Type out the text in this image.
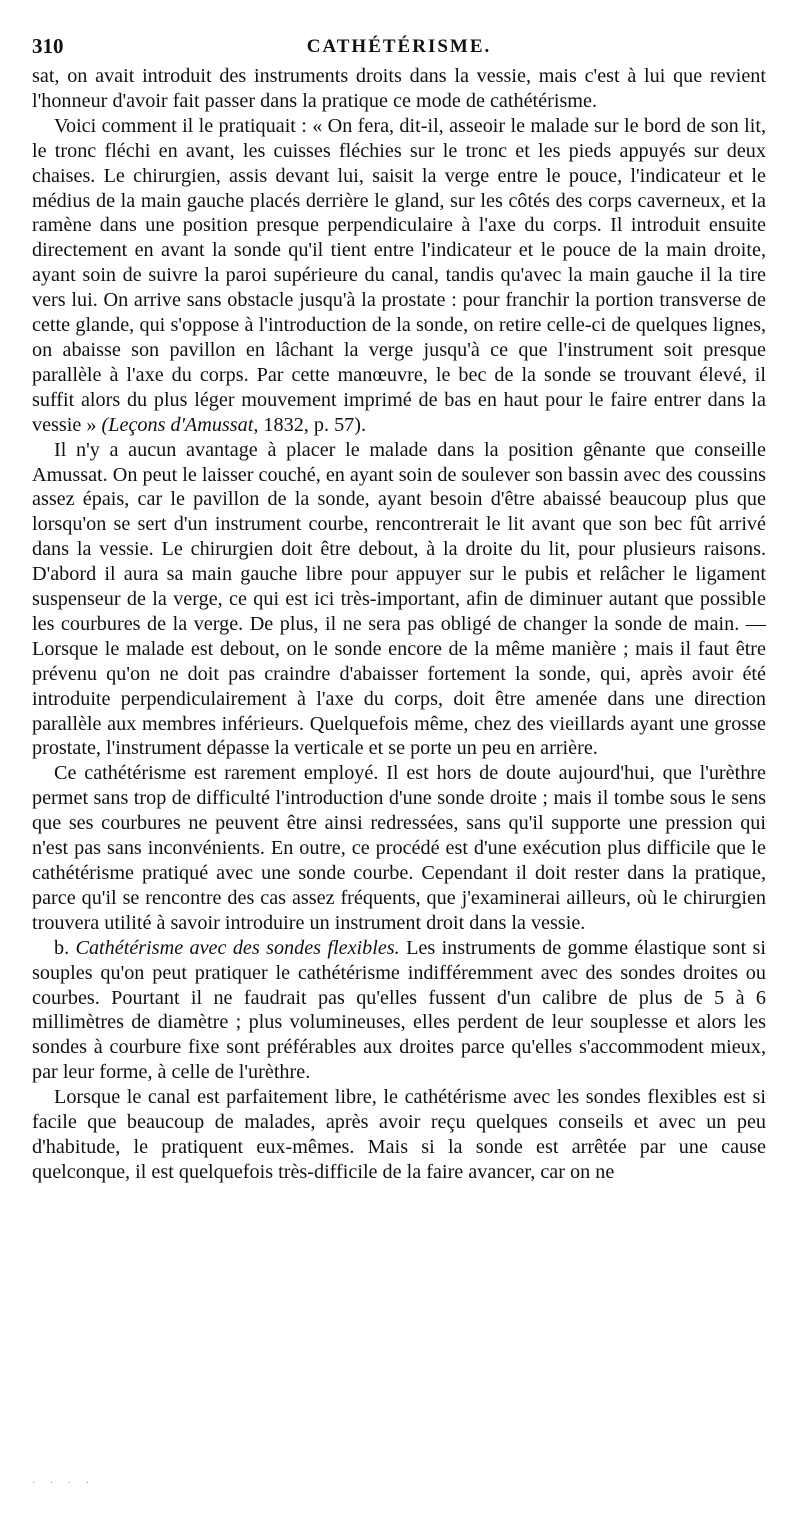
310	CATHÉTÉRISME.

sat, on avait introduit des instruments droits dans la vessie, mais c'est à lui que revient l'honneur d'avoir fait passer dans la pratique ce mode de cathétérisme.

Voici comment il le pratiquait : « On fera, dit-il, asseoir le malade sur le bord de son lit, le tronc fléchi en avant, les cuisses fléchies sur le tronc et les pieds appuyés sur deux chaises. Le chirurgien, assis devant lui, saisit la verge entre le pouce, l'indicateur et le médius de la main gauche placés derrière le gland, sur les côtés des corps caverneux, et la ramène dans une position presque perpendiculaire à l'axe du corps. Il introduit ensuite directement en avant la sonde qu'il tient entre l'indicateur et le pouce de la main droite, ayant soin de suivre la paroi supérieure du canal, tandis qu'avec la main gauche il la tire vers lui. On arrive sans obstacle jusqu'à la prostate : pour franchir la portion transverse de cette glande, qui s'oppose à l'introduction de la sonde, on retire celle-ci de quelques lignes, on abaisse son pavillon en lâchant la verge jusqu'à ce que l'instrument soit presque parallèle à l'axe du corps. Par cette manœuvre, le bec de la sonde se trouvant élevé, il suffit alors du plus léger mouvement imprimé de bas en haut pour le faire entrer dans la vessie » (Leçons d'Amussat, 1832, p. 57).

Il n'y a aucun avantage à placer le malade dans la position gênante que conseille Amussat. On peut le laisser couché, en ayant soin de soulever son bassin avec des coussins assez épais, car le pavillon de la sonde, ayant besoin d'être abaissé beaucoup plus que lorsqu'on se sert d'un instrument courbe, rencontrerait le lit avant que son bec fût arrivé dans la vessie. Le chirurgien doit être debout, à la droite du lit, pour plusieurs raisons. D'abord il aura sa main gauche libre pour appuyer sur le pubis et relâcher le ligament suspenseur de la verge, ce qui est ici très-important, afin de diminuer autant que possible les courbures de la verge. De plus, il ne sera pas obligé de changer la sonde de main. — Lorsque le malade est debout, on le sonde encore de la même manière ; mais il faut être prévenu qu'on ne doit pas craindre d'abaisser fortement la sonde, qui, après avoir été introduite perpendiculairement à l'axe du corps, doit être amenée dans une direction parallèle aux membres inférieurs. Quelquefois même, chez des vieillards ayant une grosse prostate, l'instrument dépasse la verticale et se porte un peu en arrière.

Ce cathétérisme est rarement employé. Il est hors de doute aujourd'hui, que l'urèthre permet sans trop de difficulté l'introduction d'une sonde droite ; mais il tombe sous le sens que ses courbures ne peuvent être ainsi redressées, sans qu'il supporte une pression qui n'est pas sans inconvénients. En outre, ce procédé est d'une exécution plus difficile que le cathétérisme pratiqué avec une sonde courbe. Cependant il doit rester dans la pratique, parce qu'il se rencontre des cas assez fréquents, que j'examinerai ailleurs, où le chirurgien trouvera utilité à savoir introduire un instrument droit dans la vessie.

b. Cathétérisme avec des sondes flexibles. Les instruments de gomme élastique sont si souples qu'on peut pratiquer le cathétérisme indifféremment avec des sondes droites ou courbes. Pourtant il ne faudrait pas qu'elles fussent d'un calibre de plus de 5 à 6 millimètres de diamètre ; plus volumineuses, elles perdent de leur souplesse et alors les sondes à courbure fixe sont préférables aux droites parce qu'elles s'accommodent mieux, par leur forme, à celle de l'urèthre.

Lorsque le canal est parfaitement libre, le cathétérisme avec les sondes flexibles est si facile que beaucoup de malades, après avoir reçu quelques conseils et avec un peu d'habitude, le pratiquent eux-mêmes. Mais si la sonde est arrêtée par une cause quelconque, il est quelquefois très-difficile de la faire avancer, car on ne

· · · ·
